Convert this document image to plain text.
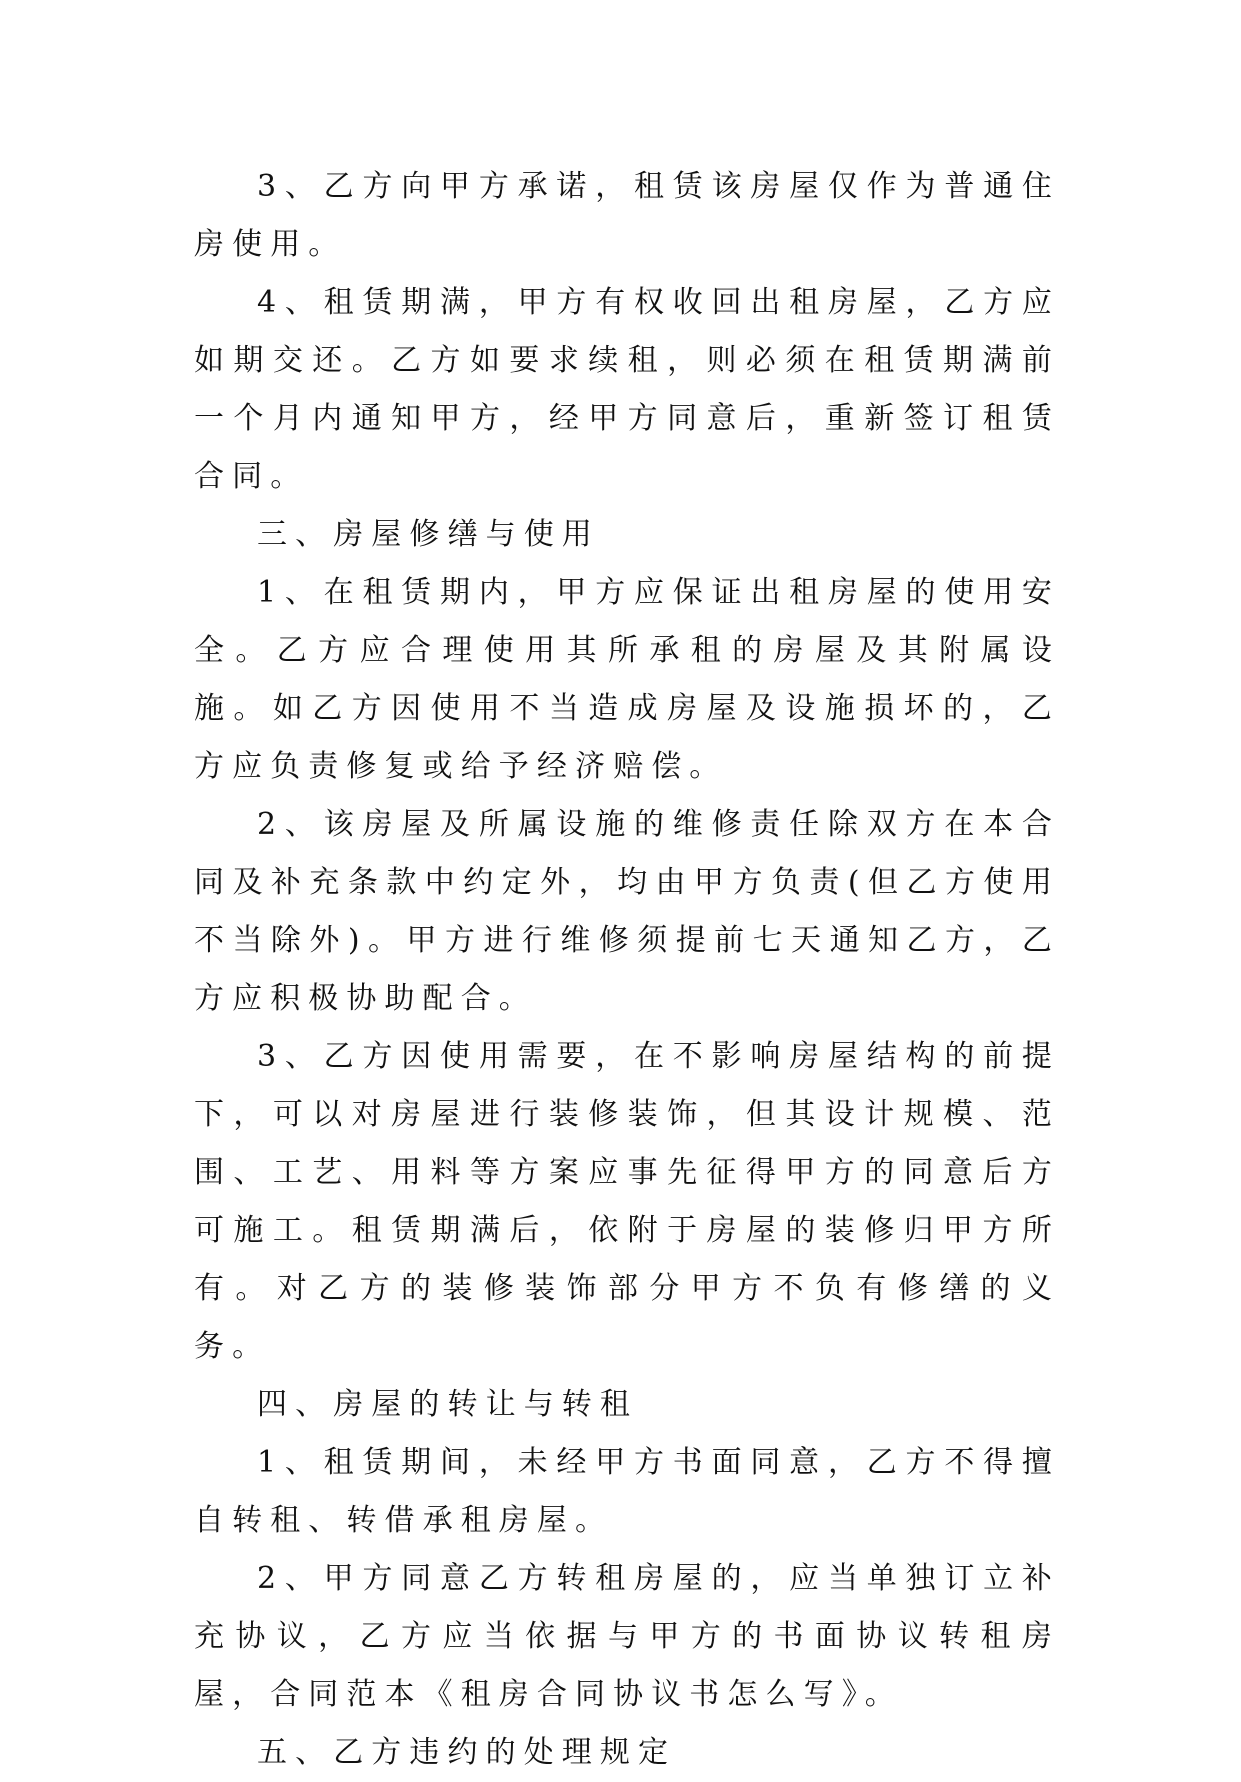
3、乙方向甲方承诺，租赁该房屋仅作为普通住房使用。

4、租赁期满，甲方有权收回出租房屋，乙方应如期交还。乙方如要求续租，则必须在租赁期满前一个月内通知甲方，经甲方同意后，重新签订租赁合同。

三、房屋修缮与使用

1、在租赁期内，甲方应保证出租房屋的使用安全。乙方应合理使用其所承租的房屋及其附属设施。如乙方因使用不当造成房屋及设施损坏的，乙方应负责修复或给予经济赔偿。

2、该房屋及所属设施的维修责任除双方在本合同及补充条款中约定外，均由甲方负责(但乙方使用不当除外)。甲方进行维修须提前七天通知乙方，乙方应积极协助配合。

3、乙方因使用需要，在不影响房屋结构的前提下，可以对房屋进行装修装饰，但其设计规模、范围、工艺、用料等方案应事先征得甲方的同意后方可施工。租赁期满后，依附于房屋的装修归甲方所有。对乙方的装修装饰部分甲方不负有修缮的义务。

四、房屋的转让与转租

1、租赁期间，未经甲方书面同意，乙方不得擅自转租、转借承租房屋。

2、甲方同意乙方转租房屋的，应当单独订立补充协议，乙方应当依据与甲方的书面协议转租房屋，合同范本《租房合同协议书怎么写》。

五、乙方违约的处理规定
